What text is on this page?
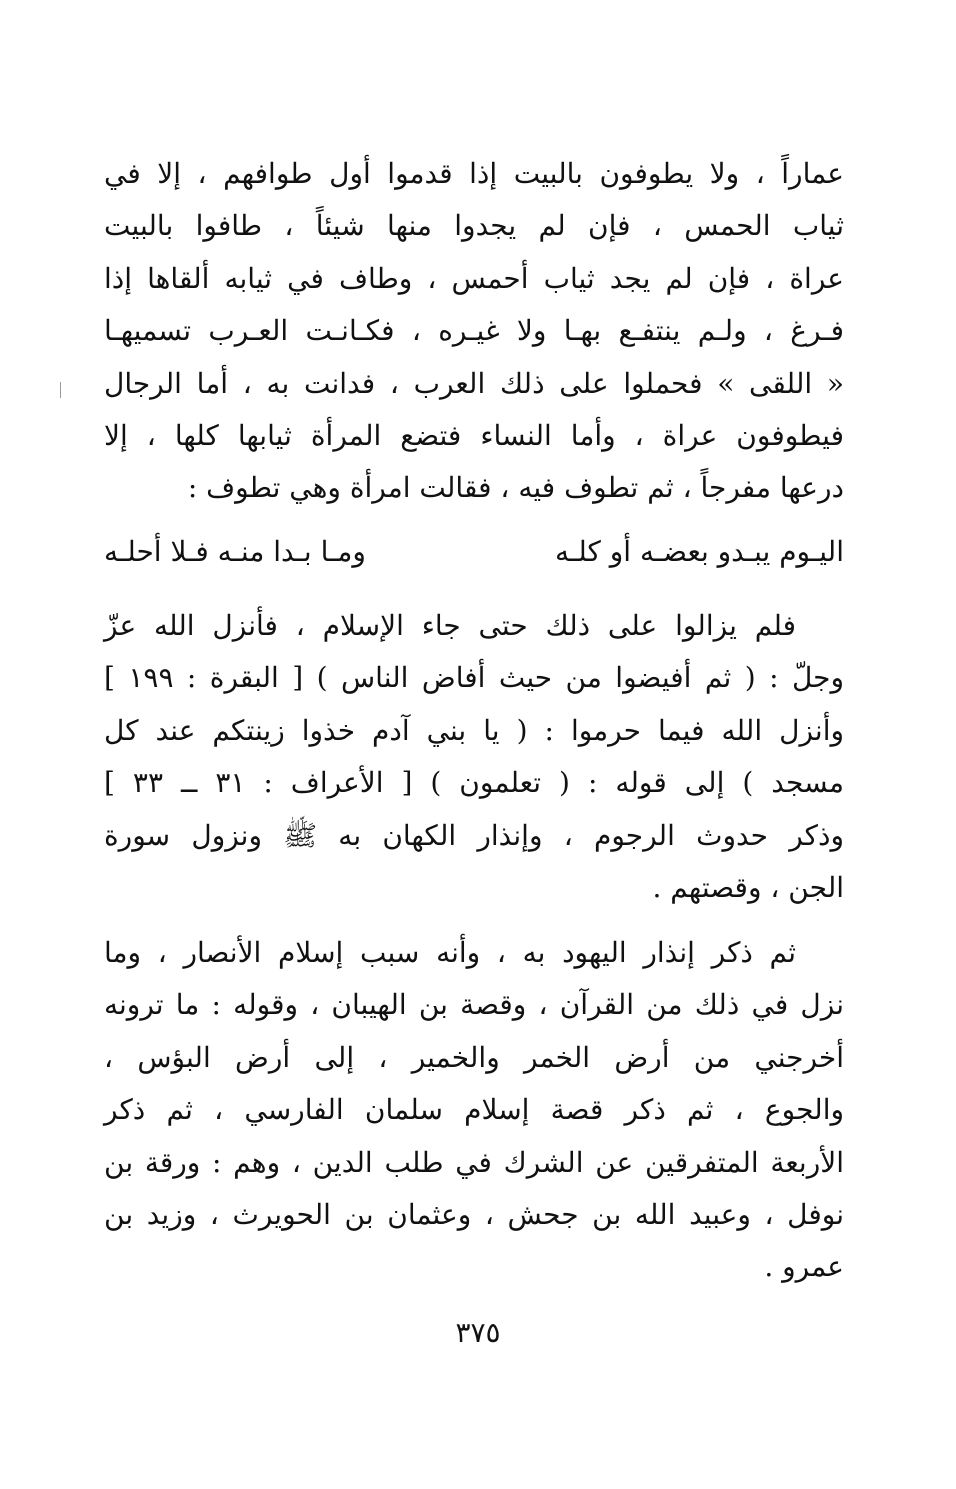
عماراً ، ولا يطوفون بالبيت إذا قدموا أول طوافهم ، إلا في
ثياب الحمس ، فإن لم يجدوا منها شيئاً ، طافوا بالبيت
عراة ، فإن لم يجد ثياب أحمس ، وطاف في ثيابه ألقاها إذا
فـرغ ، ولـم ينتفـع بهـا ولا غيـره ، فكـانـت العـرب تسميهـا
« اللقى » فحملوا على ذلك العرب ، فدانت به ، أما الرجال
فيطوفون عراة ، وأما النساء فتضع المرأة ثيابها كلها ، إلا
درعها مفرجاً ، ثم تطوف فيه ، فقالت امرأة وهي تطوف :
اليـوم يبـدو بعضـه أو كلـه
ومـا بـدا منـه فـلا أحلـه
فلم يزالوا على ذلك حتى جاء الإسلام ، فأنزل الله عزّ
وجلّ : ( ثم أفيضوا من حيث أفاض الناس ) [ البقرة : ١٩٩ ]
وأنزل الله فيما حرموا : ( يا بني آدم خذوا زينتكم عند كل
مسجد ) إلى قوله : ( تعلمون ) [ الأعراف : ٣١ ــ ٣٣ ]
وذكر حدوث الرجوم ، وإنذار الكهان به ﷺ ونزول سورة
الجن ، وقصتهم .
ثم ذكر إنذار اليهود به ، وأنه سبب إسلام الأنصار ، وما
نزل في ذلك من القرآن ، وقصة بن الهيبان ، وقوله : ما ترونه
أخرجني من أرض الخمر والخمير ، إلى أرض البؤس ،
والجوع ، ثم ذكر قصة إسلام سلمان الفارسي ، ثم ذكر
الأربعة المتفرقين عن الشرك في طلب الدين ، وهم : ورقة بن
نوفل ، وعبيد الله بن جحش ، وعثمان بن الحويرث ، وزيد بن
عمرو .
٣٧٥
